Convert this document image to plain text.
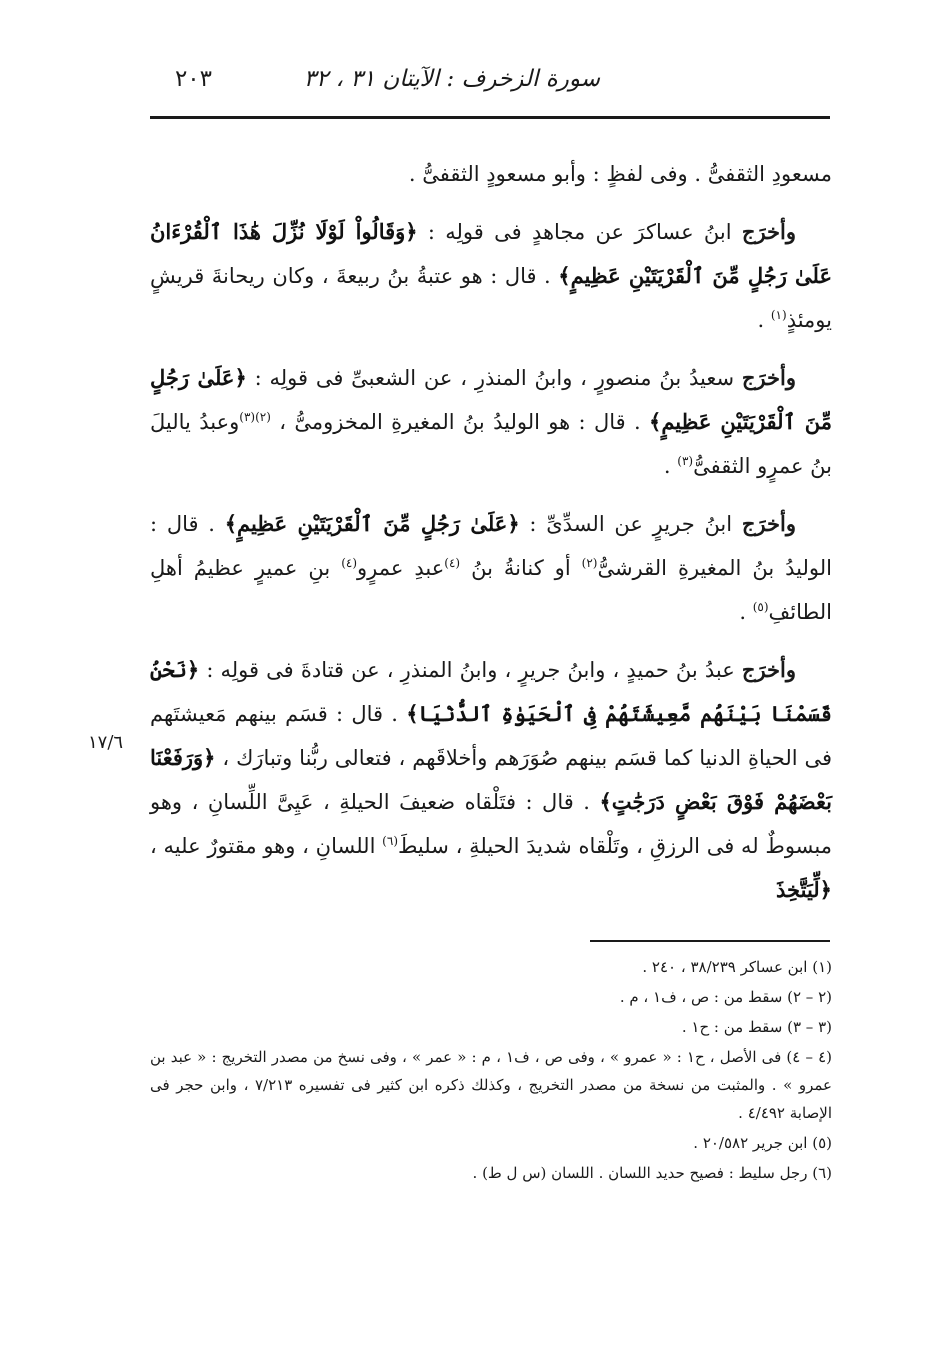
سورة الزخرف : الآيتان ٣١ ، ٣٢
٢٠٣

مسعودِ الثقفىُّ . وفى لفظٍ : وأبو مسعودٍ الثقفىُّ .

وأخرَج ابنُ عساكرَ عن مجاهدٍ فى قولِه : ﴿وَقَالُواْ لَوْلَا نُزِّلَ هَٰذَا ٱلْقُرْءَانُ عَلَىٰ رَجُلٍ مِّنَ ٱلْقَرْيَتَيْنِ عَظِيمٍ﴾ . قال : هو عتبةُ بنُ ربيعةَ ، وكان ريحانةَ قريشٍ يومئذٍ$^{(١)}$ .

وأخرَج سعيدُ بنُ منصورٍ ، وابنُ المنذرِ ، عن الشعبىِّ فى قولِه : ﴿عَلَىٰ رَجُلٍ مِّنَ ٱلْقَرْيَتَيْنِ عَظِيمٍ﴾ . قال : هو الوليدُ بنُ المغيرةِ المخزومىُّ ، $^{(٢)(٣)}$وعبدُ ياليلَ بنُ عمرٍو الثقفىُّ$^{(٣)}$ .

وأخرَج ابنُ جريرٍ عن السدِّىِّ : ﴿عَلَىٰ رَجُلٍ مِّنَ ٱلْقَرْيَتَيْنِ عَظِيمٍ﴾ . قال : الوليدُ بنُ المغيرةِ القرشىُّ$^{(٢)}$ أو كنانةُ بنُ $^{(٤)}$عبدِ عمرٍو$^{(٤)}$ بنِ عميرٍ عظيمُ أهلِ الطائفِ$^{(٥)}$ .

وأخرَج عبدُ بنُ حميدٍ ، وابنُ جريرٍ ، وابنُ المنذرِ ، عن قتادةَ فى قولِه : ﴿نَحْنُ قَسَمْنَا بَيْنَهُم مَّعِيشَتَهُمْ فِى ٱلْحَيَوٰةِ ٱلدُّنْيَا﴾ . قال : قسَم بينهم مَعيشتَهم فى الحياةِ الدنيا كما قسَم بينهم صُوَرَهم وأخلاقَهم ، فتعالى ربُّنا وتبارَك ، ﴿وَرَفَعْنَا بَعْضَهُمْ فَوْقَ بَعْضٍ دَرَجَٰتٍ﴾ . قال : فتَلْقاه ضعيفَ الحيلةِ ، عَيِىَّ اللِّسانِ ، وهو مبسوطٌ له فى الرزقِ ، وتَلْقاه شديدَ الحيلةِ ، سليطَ$^{(٦)}$ اللسانِ ، وهو مقتورٌ عليه ، ﴿لِّيَتَّخِذَ

١٧/٦

(١) ابن عساكر ٣٨/٢٣٩ ، ٢٤٠ .

(٢ – ٢) سقط من : ص ، ف١ ، م .

(٣ – ٣) سقط من : ح١ .

(٤ – ٤) فى الأصل ، ح١ : « عمرو » ، وفى ص ، ف١ ، م : « عمر » ، وفى نسخ من مصدر التخريج : « عبد بن عمرو » . والمثبت من نسخة من مصدر التخريج ، وكذلك ذكره ابن كثير فى تفسيره ٧/٢١٣ ، وابن حجر فى الإصابة ٤/٤٩٢ .

(٥) ابن جرير ٢٠/٥٨٢ .

(٦) رجل سليط : فصيح حديد اللسان . اللسان (س ل ط) .
